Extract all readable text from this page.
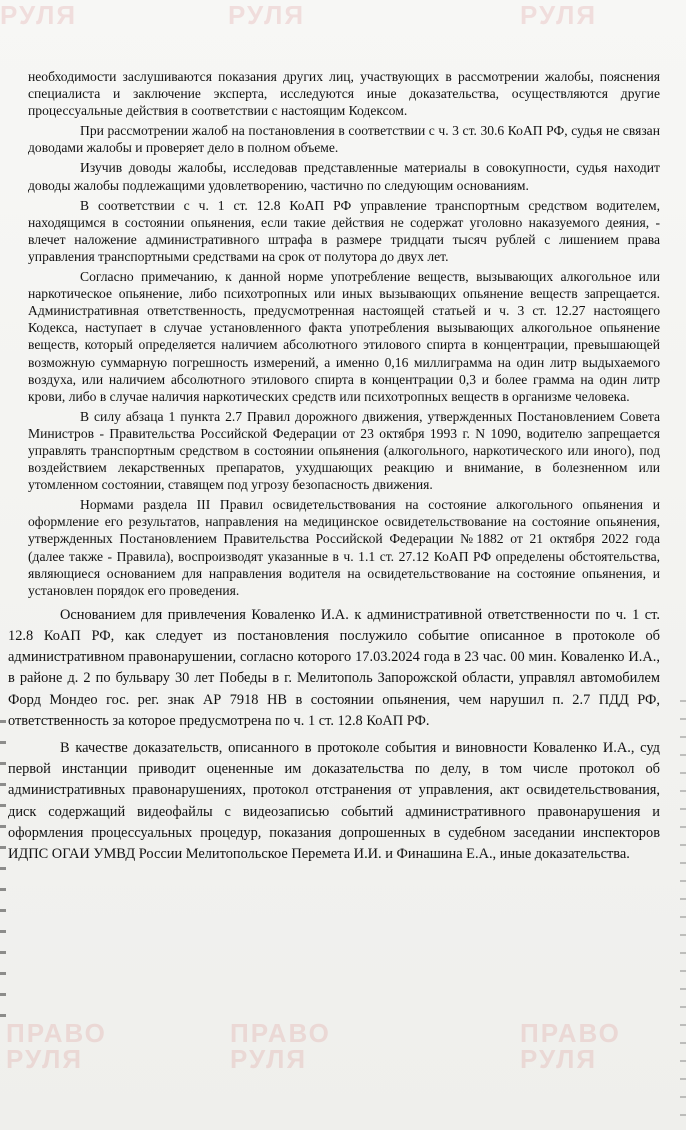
РУЛЯ	РУЛЯ	РУЛЯ
ПРАВО
РУЛЯ
ПРАВО
РУЛЯ
ПРАВО
РУЛЯ

необходимости заслушиваются показания других лиц, участвующих в рассмотрении жалобы, пояснения специалиста и заключение эксперта, исследуются иные доказательства, осуществляются другие процессуальные действия в соответствии с настоящим Кодексом.

При рассмотрении жалоб на постановления в соответствии с ч. 3 ст. 30.6 КоАП РФ, судья не связан доводами жалобы и проверяет дело в полном объеме.

Изучив доводы жалобы, исследовав представленные материалы в совокупности, судья находит доводы жалобы подлежащими удовлетворению, частично по следующим основаниям.

В соответствии с ч. 1 ст. 12.8 КоАП РФ управление транспортным средством водителем, находящимся в состоянии опьянения, если такие действия не содержат уголовно наказуемого деяния, - влечет наложение административного штрафа в размере тридцати тысяч рублей с лишением права управления транспортными средствами на срок от полутора до двух лет.

Согласно примечанию, к данной норме употребление веществ, вызывающих алкогольное или наркотическое опьянение, либо психотропных или иных вызывающих опьянение веществ запрещается. Административная ответственность, предусмотренная настоящей статьей и ч. 3 ст. 12.27 настоящего Кодекса, наступает в случае установленного факта употребления вызывающих алкогольное опьянение веществ, который определяется наличием абсолютного этилового спирта в концентрации, превышающей возможную суммарную погрешность измерений, а именно 0,16 миллиграмма на один литр выдыхаемого воздуха, или наличием абсолютного этилового спирта в концентрации 0,3 и более грамма на один литр крови, либо в случае наличия наркотических средств или психотропных веществ в организме человека.

В силу абзаца 1 пункта 2.7 Правил дорожного движения, утвержденных Постановлением Совета Министров - Правительства Российской Федерации от 23 октября 1993 г. N 1090, водителю запрещается управлять транспортным средством в состоянии опьянения (алкогольного, наркотического или иного), под воздействием лекарственных препаратов, ухудшающих реакцию и внимание, в болезненном или утомленном состоянии, ставящем под угрозу безопасность движения.

Нормами раздела III Правил освидетельствования на состояние алкогольного опьянения и оформление его результатов, направления на медицинское освидетельствование на состояние опьянения, утвержденных Постановлением Правительства Российской Федерации №1882 от 21 октября 2022 года (далее также - Правила), воспроизводят указанные в ч. 1.1 ст. 27.12 КоАП РФ определены обстоятельства, являющиеся основанием для направления водителя на освидетельствование на состояние опьянения, и установлен порядок его проведения.

Основанием для привлечения Коваленко И.А. к административной ответственности по ч. 1 ст. 12.8 КоАП РФ, как следует из постановления послужило событие описанное в протоколе об административном правонарушении, согласно которого 17.03.2024 года в 23 час. 00 мин. Коваленко И.А., в районе д. 2 по бульвару 30 лет Победы в г. Мелитополь Запорожской области, управлял автомобилем Форд Мондео гос. рег. знак АР 7918 НВ в состоянии опьянения, чем нарушил п. 2.7 ПДД РФ, ответственность за которое предусмотрена по ч. 1 ст. 12.8 КоАП РФ.

В качестве доказательств, описанного в протоколе события и виновности Коваленко И.А., суд первой инстанции приводит оцененные им доказательства по делу, в том числе протокол об административных правонарушениях, протокол отстранения от управления, акт освидетельствования, диск содержащий видеофайлы с видеозаписью событий административного правонарушения и оформления процессуальных процедур, показания допрошенных в судебном заседании инспекторов ИДПС ОГАИ УМВД России Мелитопольское Перемета И.И. и Финашина Е.А., иные доказательства.
